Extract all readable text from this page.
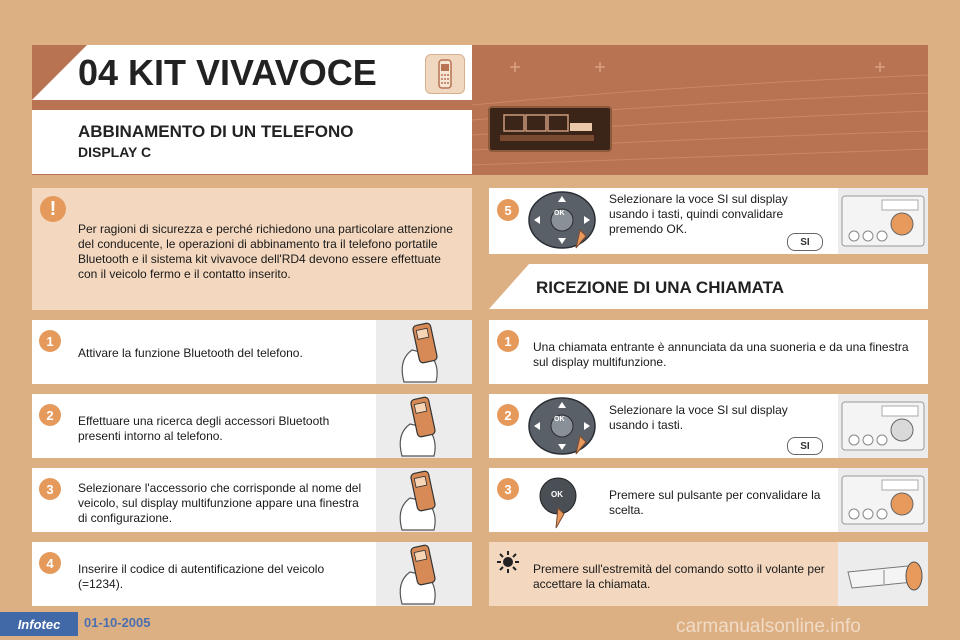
04 KIT VIVAVOCE
ABBINAMENTO DI UN TELEFONO
DISPLAY C
!
Per ragioni di sicurezza e perché richiedono una particolare attenzione del conducente, le operazioni di abbinamento tra il telefono portatile Bluetooth e il sistema kit vivavoce dell'RD4 devono essere effettuate con il veicolo fermo e il contatto inserito.
1
Attivare la funzione Bluetooth del telefono.
2	Effettuare una ricerca degli accessori Bluetooth presenti intorno al telefono.
3	Selezionare l'accessorio che corrisponde al nome del veicolo, sul display multifunzione appare una finestra di configurazione.
4	Inserire il codice di autentificazione del veicolo (=1234).
5	OK
Selezionare la voce SI sul display usando i tasti, quindi convalidare premendo OK.
SI
RICEZIONE DI UNA CHIAMATA
1	Una chiamata entrante è annunciata da una suoneria e da una finestra sul display multifunzione.
2	OK
Selezionare la voce SI sul display usando i tasti.
SI
3	OK	Premere sul pulsante per convalidare la scelta.
Premere sull'estremità del comando sotto il volante per accettare la chiamata.
Infotec	01-10-2005	carmanualsonline.info
